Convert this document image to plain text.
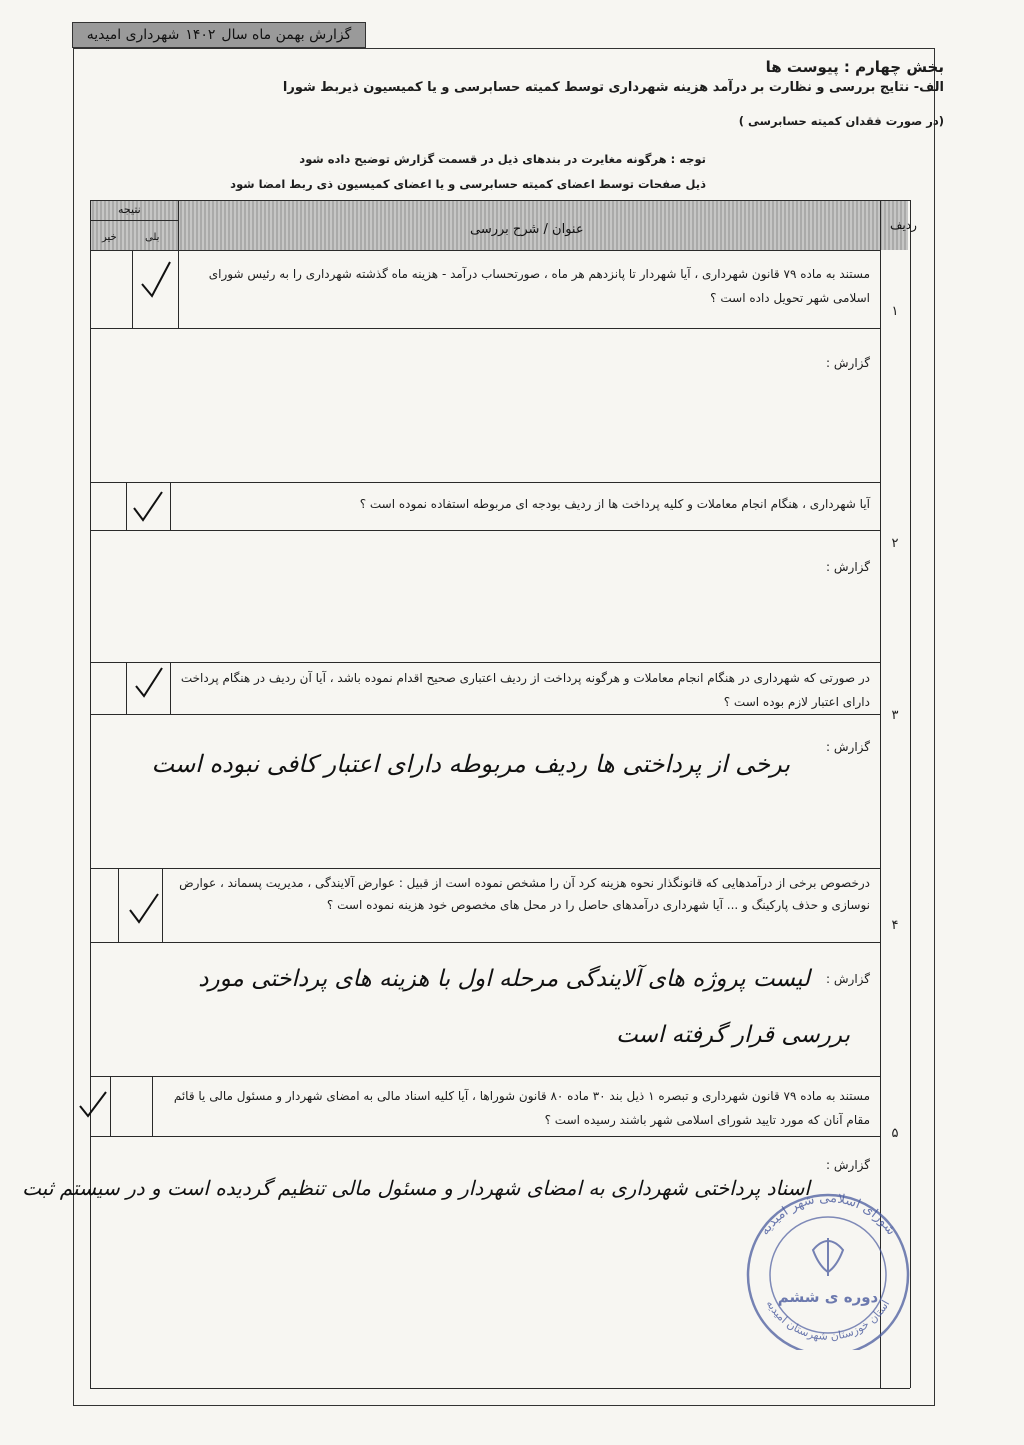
گزارش بهمن ماه سال
۱۴۰۲
شهرداری امیدیه
بخش چهارم : پیوست ها
الف- نتایج بررسی و نظارت بر درآمد هزینه شهرداری توسط کمیته حسابرسی و یا کمیسیون ذیربط شورا
(در صورت فقدان کمیته حسابرسی )
توجه : هرگونه مغایرت در بندهای ذیل در قسمت گزارش توضیح داده شود
ذیل صفحات توسط اعضای کمیته حسابرسی و یا اعضای کمیسیون ذی ربط امضا شود
ردیف
عنوان / شرح بررسی
نتیجه
بلی
خیر
مستند به ماده ۷۹ قانون شهرداری ، آیا شهردار تا پانزدهم هر ماه ، صورتحساب درآمد - هزینه ماه گذشته شهرداری را به رئیس شورای اسلامی شهر تحویل داده است ؟
۱
گزارش :
آیا شهرداری ، هنگام انجام معاملات و کلیه پرداخت ها از ردیف بودجه ای مربوطه استفاده نموده است ؟
۲
گزارش :
در صورتی که شهرداری در هنگام انجام معاملات و هرگونه پرداخت از ردیف اعتباری صحیح اقدام نموده باشد ، آیا آن ردیف در هنگام پرداخت دارای اعتبار لازم بوده است ؟
۳
گزارش :
برخی از پرداختی ها ردیف مربوطه دارای اعتبار کافی نبوده است
درخصوص برخی از درآمدهایی که قانونگذار نحوه هزینه کرد آن را مشخص نموده است از قبیل : عوارض آلایندگی ، مدیریت پسماند ، عوارض نوسازی و حذف پارکینگ و ... آیا شهرداری درآمدهای حاصل را در محل های مخصوص خود هزینه نموده است ؟
۴
گزارش :
لیست پروژه های آلایندگی مرحله اول با هزینه های پرداختی مورد
بررسی قرار گرفته است
مستند به ماده ۷۹ قانون شهرداری و تبصره ۱ ذیل بند ۳۰ ماده ۸۰ قانون شوراها ، آیا کلیه اسناد مالی به امضای شهردار و مسئول مالی یا قائم مقام آنان که مورد تایید شورای اسلامی شهر باشند رسیده است ؟
۵
گزارش :
اسناد پرداختی شهرداری به امضای شهردار و مسئول مالی تنظیم گردیده است و در سیستم ثبت
شورای اسلامی شهر امیدیه
استان خوزستان شهرستان امیدیه
دوره ی ششم
